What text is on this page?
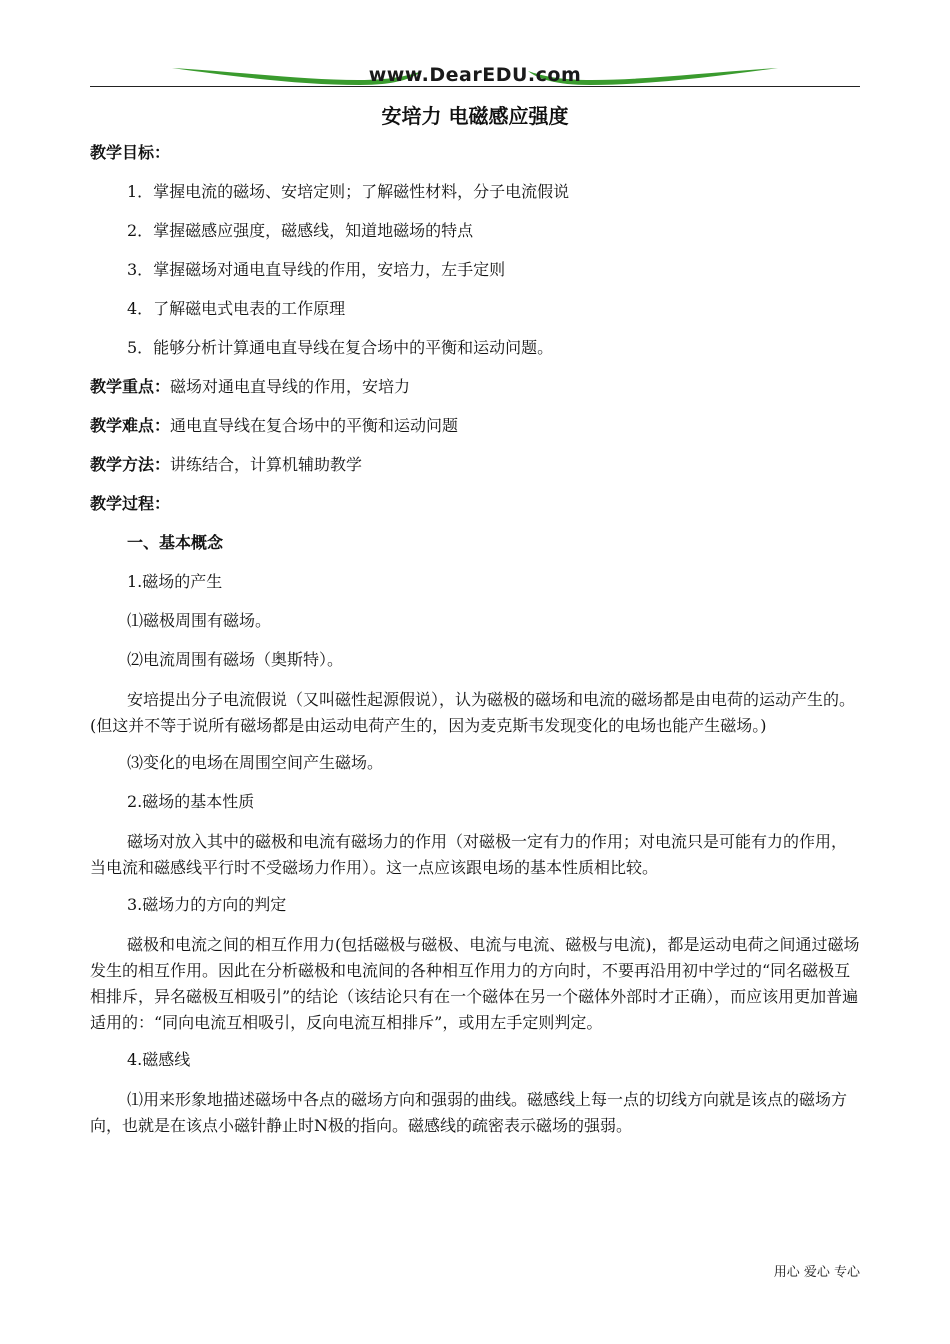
www.DearEDU.com
安培力 电磁感应强度

教学目标：

1．掌握电流的磁场、安培定则；了解磁性材料，分子电流假说

2．掌握磁感应强度，磁感线，知道地磁场的特点

3．掌握磁场对通电直导线的作用，安培力，左手定则

4．了解磁电式电表的工作原理

5．能够分析计算通电直导线在复合场中的平衡和运动问题。

教学重点：磁场对通电直导线的作用，安培力

教学难点：通电直导线在复合场中的平衡和运动问题

教学方法：讲练结合，计算机辅助教学

教学过程：

一、基本概念

1.磁场的产生

⑴磁极周围有磁场。

⑵电流周围有磁场（奥斯特）。

安培提出分子电流假说（又叫磁性起源假说），认为磁极的磁场和电流的磁场都是由电荷的运动产生的。(但这并不等于说所有磁场都是由运动电荷产生的，因为麦克斯韦发现变化的电场也能产生磁场。)

⑶变化的电场在周围空间产生磁场。

2.磁场的基本性质

磁场对放入其中的磁极和电流有磁场力的作用（对磁极一定有力的作用；对电流只是可能有力的作用，当电流和磁感线平行时不受磁场力作用）。这一点应该跟电场的基本性质相比较。

3.磁场力的方向的判定

磁极和电流之间的相互作用力(包括磁极与磁极、电流与电流、磁极与电流)，都是运动电荷之间通过磁场发生的相互作用。因此在分析磁极和电流间的各种相互作用力的方向时，不要再沿用初中学过的“同名磁极互相排斥，异名磁极互相吸引”的结论（该结论只有在一个磁体在另一个磁体外部时才正确），而应该用更加普遍适用的：“同向电流互相吸引，反向电流互相排斥”，或用左手定则判定。

4.磁感线

⑴用来形象地描述磁场中各点的磁场方向和强弱的曲线。磁感线上每一点的切线方向就是该点的磁场方向，也就是在该点小磁针静止时N极的指向。磁感线的疏密表示磁场的强弱。

用心 爱心 专心
